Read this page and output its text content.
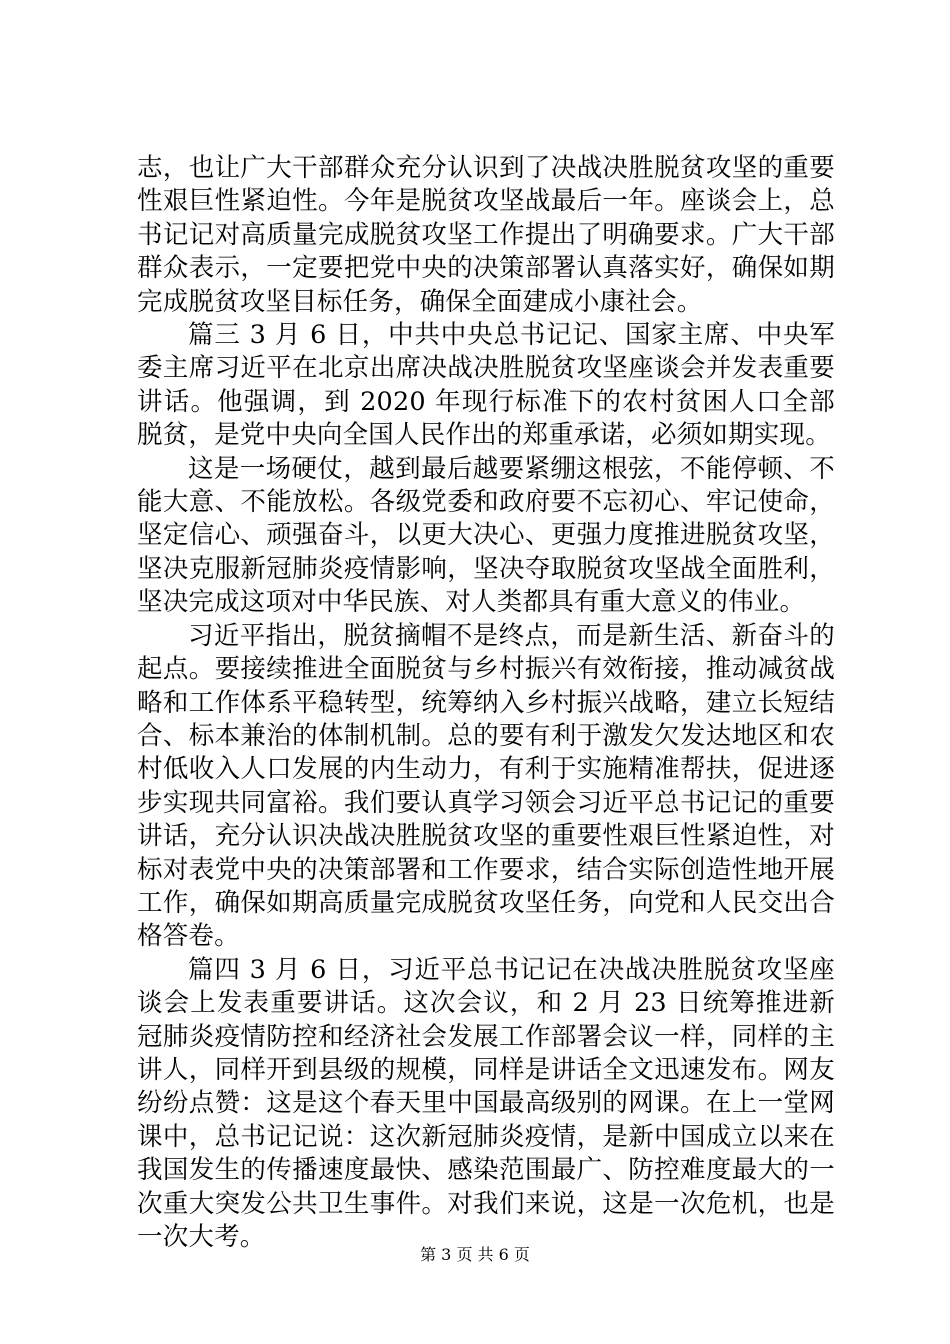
志，也让广大干部群众充分认识到了决战决胜脱贫攻坚的重要性艰巨性紧迫性。今年是脱贫攻坚战最后一年。座谈会上，总书记记对高质量完成脱贫攻坚工作提出了明确要求。广大干部群众表示，一定要把党中央的决策部署认真落实好，确保如期完成脱贫攻坚目标任务，确保全面建成小康社会。

篇三 3 月 6 日，中共中央总书记记、国家主席、中央军委主席习近平在北京出席决战决胜脱贫攻坚座谈会并发表重要讲话。他强调，到 2020 年现行标准下的农村贫困人口全部脱贫，是党中央向全国人民作出的郑重承诺，必须如期实现。

这是一场硬仗，越到最后越要紧绷这根弦，不能停顿、不能大意、不能放松。各级党委和政府要不忘初心、牢记使命，坚定信心、顽强奋斗，以更大决心、更强力度推进脱贫攻坚，坚决克服新冠肺炎疫情影响，坚决夺取脱贫攻坚战全面胜利，坚决完成这项对中华民族、对人类都具有重大意义的伟业。

习近平指出，脱贫摘帽不是终点，而是新生活、新奋斗的起点。要接续推进全面脱贫与乡村振兴有效衔接，推动减贫战略和工作体系平稳转型，统筹纳入乡村振兴战略，建立长短结合、标本兼治的体制机制。总的要有利于激发欠发达地区和农村低收入人口发展的内生动力，有利于实施精准帮扶，促进逐步实现共同富裕。我们要认真学习领会习近平总书记记的重要讲话，充分认识决战决胜脱贫攻坚的重要性艰巨性紧迫性，对标对表党中央的决策部署和工作要求，结合实际创造性地开展工作，确保如期高质量完成脱贫攻坚任务，向党和人民交出合格答卷。

篇四 3 月 6 日，习近平总书记记在决战决胜脱贫攻坚座谈会上发表重要讲话。这次会议，和 2 月 23 日统筹推进新冠肺炎疫情防控和经济社会发展工作部署会议一样，同样的主讲人，同样开到县级的规模，同样是讲话全文迅速发布。网友纷纷点赞：这是这个春天里中国最高级别的网课。在上一堂网课中，总书记记说：这次新冠肺炎疫情，是新中国成立以来在我国发生的传播速度最快、感染范围最广、防控难度最大的一次重大突发公共卫生事件。对我们来说，这是一次危机，也是一次大考。

第 3 页 共 6 页
